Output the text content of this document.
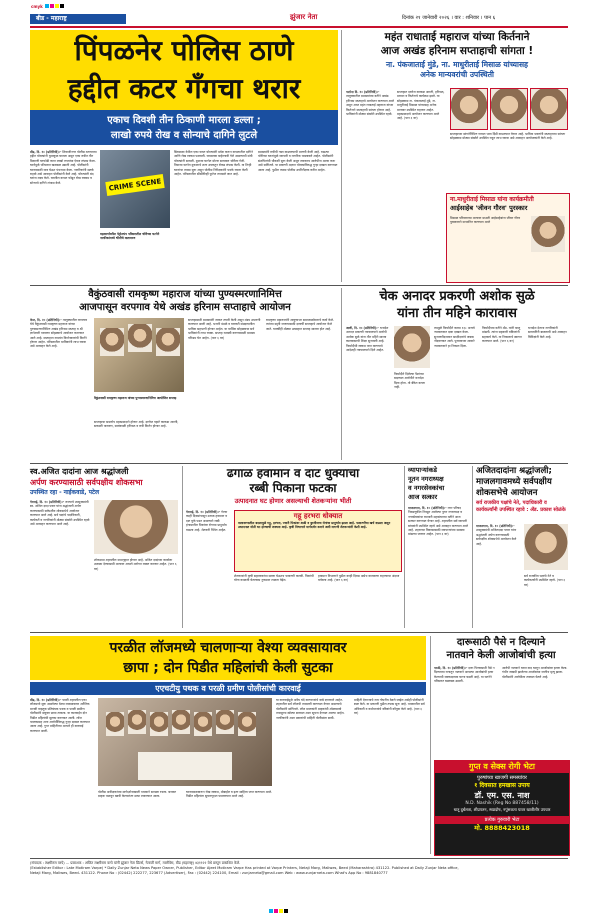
cmyk
बीड - महाराष्ट्र	झुंजार नेता	दिनांक २१ जानेवारी २०२६ । वार : शनिवार । पान ६
पिंपळनेर पोलिस ठाणे
हद्दीत कटर गँगचा थरार
एकाच दिवशी तीन ठिकाणी मारला डल्ला ;
लाखो रुपये रोख व सोन्याचे दागिने लुटले

बीड, दि. १० (प्रतिनिधी):- शिवाजीनगर पोलीस ठाण्याच्या हद्दीत चोरट्यांनी धुमाकूळ घातला असून एका रात्रीत तीन ठिकाणी घरफोडी करत लाखो रुपयांचा ऐवज लंपास केला. घटनेमुळे परिसरात खळबळ उडाली आहे. पोलीसांनी घटनास्थळी धाव घेऊन पंचनामा केला. नागरिकांनी सतर्क राहावे असे आवाहन पोलीसांनी केले आहे. चोरट्यांनी बंद घरांना लक्ष्य केले. घरातील कपाट फोडून रोख रक्कम व सोन्याचे दागिने लंपास केले.	CRIME SCENE
महामार्गावरील पेट्रोलपंप परिसरातील चोरीच्या घटनेने नागरिकांमध्ये भीतीचे वातावरण

सिरसाळा येथील एका घरात चोरट्यांनी प्रवेश करून कपाटातील दागिने आणि रोख रक्कम पळवली. घरमालक बाहेरगावी गेले असल्याची संधी चोरट्यांनी साधली. दुसऱ्या घटनेत मोटार सायकल चोरीला गेली. तिसऱ्या घटनेत दुकानाचे शटर उचकटून रोकड लंपास केली. या तिन्ही घटनांचा तपास सुरू असून पोलीस निरीक्षकांनी पथके रवाना केली आहेत. परिसरातील सीसीटीव्ही फुटेज तपासले जात आहे.

ग्रामस्थांनी रात्रीची गस्त वाढवण्याची मागणी केली आहे. वाढत्या चोरीच्या घटनांमुळे व्यापारी व नागरिक धास्तावले आहेत. पोलीसांनी संशयितांची चौकशी सुरू केली असून लवकरच आरोपींना अटक करू असे सांगितले. या प्रकरणी अज्ञात चोरट्यांविरुद्ध गुन्हा दाखल करण्यात आला आहे. पुढील तपास पोलीस उपनिरीक्षक करीत आहेत.

महंत राधाताई महाराज यांच्या किर्तनाने
आज अखंड हरिनाम सप्ताहाची सांगता !
ना. पंकजाताई मुंडे, ना. माधुरीताई मिसाळ यांच्यासह
अनेक मान्यवरांची उपस्थिती

पाटोदा दि. १० (प्रतिनिधी):- तालुक्यातील ग्रामस्थांच्या वतीने अखंड हरिनाम सप्ताहाचे आयोजन करण्यात आले असून आज महंत राधाताई महाराज यांच्या किर्तनाने सप्ताहाची सांगता होणार आहे. भाविकांनी मोठ्या संख्येने उपस्थित रहावे.

सप्ताहात दररोज काकडा आरती, हरिपाठ, प्रवचन व किर्तनाचे कार्यक्रम झाले. या सोहळ्यास ना. पंकजाताई मुंडे, ना. माधुरीताई मिसाळ यांच्यासह अनेक मान्यवर उपस्थित राहणार आहेत. महाप्रसादाचे आयोजन करण्यात आले आहे. (पान ६ वर)

सप्ताहाच्या सांगतेनिमित्त गावात भव्य दिंडी काढण्यात येणार आहे. भाविक भक्तांनी सप्ताहाच्या सांगता सोहळ्यास मोठ्या संख्येने उपस्थित राहून लाभ घ्यावा असे आवाहन आयोजकांनी केले आहे.

ना.माधुरीताई मिसाळ यांना कार्यक्रमीती
आईसाहेब 'जीवन गौरव' पुरस्कार
मिसाळ परिवाराच्या मान्यवर माउली आईसाहेबांना जीवन गौरव पुरस्काराने सन्मानित करण्यात आले
वैकुंठवासी रामकृष्ण महाराज यांच्या पुण्यस्मरणानिमित्त
आजपासून वरपगाव येथे अखंड हरिनाम सप्ताहाचे आयोजन

केज, दि. १० (प्रतिनिधी):- तालुक्यातील वरपगाव येथे वैकुंठवासी रामकृष्ण महाराज यांच्या पुण्यस्मरणानिमित्त अखंड हरिनाम सप्ताह व श्री ज्ञानेश्वरी पारायण सोहळ्याचे आयोजन करण्यात आले आहे. सप्ताहात नामवंत किर्तनकारांची किर्तने होणार आहेत. परिसरातील भाविकांनी लाभ घ्यावा असे आवाहन केले आहे.

वैकुंठवासी रामकृष्ण महाराज यांच्या पुण्यस्मरणानिमित्त आयोजित सप्ताह

सप्ताहाचा समारोप महाप्रसादाने होणार आहे. दररोज पहाटे काकडा आरती, सकाळी पारायण, सायंकाळी हरिपाठ व रात्री किर्तन होणार आहे.

सप्ताहासाठी ग्रामस्थांनी जय्यत तयारी केली असून मंडप उभारणी करण्यात आली आहे. भजनी मंडळे व वारकरी संप्रदायातील भाविक सहभागी होणार आहेत. या धार्मिक सोहळ्याचा सर्व भाविकांनी लाभ घ्यावा. सप्ताह यशस्वी करण्यासाठी ग्रामस्थ परिश्रम घेत आहेत. (पान ६ वर)

रामकृष्ण महाराजांनी आयुष्यभर समाजप्रबोधनाचे कार्य केले. त्यांच्या स्मृती जपण्यासाठी दरवर्षी सप्ताहाचे आयोजन केले जाते. यावर्षीही मोठ्या उत्साहात सप्ताह साजरा होत आहे.

चेक अनादर प्रकरणी अशोक सुळे
यांना तीन महिने कारावास

आष्टी, दि. १० (प्रतिनिधी):- धनादेश अनादर प्रकरणी न्यायालयाने आरोपी अशोक सुळे यांना तीन महिने साध्या कारावासाची शिक्षा सुनावली आहे. फिर्यादीची रक्कम परत करण्याचे आदेशही न्यायालयाने दिले आहेत.

फिर्यादीने दिलेल्या पैशांच्या बदल्यात आरोपीने धनादेश दिला होता. तो बँकेत वटला नाही.

त्यामुळे फिर्यादीने कलम १३८ अन्वये न्यायालयात दावा दाखल केला. सुनावणीदरम्यान साक्षीदारांचे जबाब नोंदवण्यात आले. पुराव्याच्या आधारे न्यायालयाने हा निकाल दिला.

फिर्यादीच्या वतीने ॲड. यांनी बाजू मांडली. त्यांना सहकारी वकिलांनी सहकार्य केले. या निकालाचे स्वागत करण्यात आले. (पान ६ वर)

धनादेश देताना नागरिकांनी सावधगिरी बाळगावी असे आवाहन विधिज्ञांनी केले आहे.

स्व.अजित दादांना आज श्रद्धांजली
अर्पण करण्यासाठी सर्वपक्षीय शोकसभा
उपस्थित रहा - नाईकवाडे, पटेल

गेवराई, दि. १० (प्रतिनिधी):- राज्याचे उपमुख्यमंत्री स्व. अजित दादा पवार यांना श्रद्धांजली अर्पण करण्यासाठी सर्वपक्षीय शोकसभेचे आयोजन करण्यात आले आहे. सर्व पक्षांचे पदाधिकारी, कार्यकर्ते व नागरिकांनी मोठ्या संख्येने उपस्थित रहावे असे आवाहन करण्यात आले आहे.

शोकसभा शहरातील सभागृहात होणार आहे. अजित दादांच्या कार्याला उजाळा देण्यासाठी मान्यवर आपले मनोगत व्यक्त करणार आहेत. (पान ६ वर)

ढगाळ हवामान व दाट धुक्याचा
रब्बी पिकाना फटका
उत्पादनात घट होणार असल्याची शेतकऱ्यांना भीती

गेवराई, दि. १० (प्रतिनिधी):- गेल्या काही दिवसांपासून ढगाळ हवामान व दाट धुके पडत असल्याने रब्बी हंगामातील पिकांवर रोगाचा प्रादुर्भाव वाढला आहे. शेतकरी चिंतेत आहेत.

गहू हरभरा धोक्यात
वातावरणातील बदलामुळे गहू, हरभरा, ज्वारी पिकांवर अळी व बुरशीजन्य रोगांचा प्रादुर्भाव झाला आहे. फवारणीचा खर्च वाढला असून उत्पादनात मोठी घट होण्याची शक्यता आहे. कृषी विभागाने मार्गदर्शन करावे अशी मागणी शेतकऱ्यांनी केली आहे.

शेतकऱ्यांनी कृषी सहाय्यकांचा सल्ला घेऊनच फवारणी करावी. पिकांची योग्य काळजी घेतल्यास नुकसान टाळता येईल.

हवामान विभागाने पुढील काही दिवस असेच वातावरण राहण्याचा अंदाज वर्तवला आहे. (पान ६ वर)

व्यापाऱ्यांकडे
नूतन नगराध्यक्ष
व नगरसेवकांचा
आज सत्कार

माजलगाव, दि. १० (प्रतिनिधी):- नगर परिषद निवडणुकीत निवडून आलेल्या नूतन नगराध्यक्ष व नगरसेवकांचा व्यापारी महासंघाच्या वतीने आज सत्कार करण्यात येणार आहे. शहरातील सर्व व्यापारी बांधवांनी उपस्थित रहावे असे आवाहन करण्यात आले आहे. शहराच्या विकासासाठी व्यापाऱ्यांच्या समस्या मांडल्या जाणार आहेत. (पान ६ वर)

अजितदादांना श्रद्धांजली;
माजलगावमध्ये सर्वपक्षीय
शोकसभेचे आयोजन
सर्व राजकीय पक्षांचे नेते, पदाधिकारी व कार्यकर्त्यांनी उपस्थित रहावे : ॲड. प्रकाश सोळंके

माजलगाव, दि. १० (प्रतिनिधी):- उपमुख्यमंत्री अजितदादा पवार यांना श्रद्धांजली अर्पण करण्यासाठी सर्वपक्षीय शोकसभेचे आयोजन केले आहे.

सर्व राजकीय पक्षांचे नेते व कार्यकर्त्यांनी उपस्थित रहावे. (पान ६ वर)

परळीत लॉजमध्ये चालणाऱ्या वेश्या व्यवसायावर
छापा ; दोन पिडीत महिलांची केली सुटका
एएचटीयु पथक व परळी ग्रमीण पोलीसांची कारवाई

बीड, दि. १० (प्रतिनिधी):- परळी शहरातील एका लॉजमध्ये सुरू असलेल्या वेश्या व्यवसायावर अनैतिक मानवी वाहतूक प्रतिबंधक पथक व परळी ग्रामीण पोलीसांनी संयुक्त छापा टाकला. या कारवाईत दोन पिडीत महिलांची सुटका करण्यात आली. लॉज चालकासह अन्य आरोपींविरुद्ध गुन्हा दाखल करण्यात आला आहे. गुप्त माहितीच्या आधारे ही कारवाई करण्यात आली.

पोलीस अधीक्षकांच्या मार्गदर्शनाखाली पथकाने सापळा रचला. बनावट ग्राहक पाठवून खात्री केल्यानंतर छापा टाकण्यात आला.

घटनास्थळावरून रोख रक्कम, मोबाईल व इतर साहित्य जप्त करण्यात आले. पिडीत महिलांना सुधारगृहात पाठवण्यात आले आहे.

या कारवाईमुळे अवैध धंदे करणाऱ्यांचे धाबे दणाणले आहेत. शहरातील सर्व लॉजची तपासणी करण्यात येणार असल्याचे पोलीसांनी सांगितले. लॉज मालकांनी ग्राहकांची ओळखपत्रे तपासूनच खोल्या द्याव्यात अशा सूचना देण्यात आल्या आहेत. नागरिकांनी अशा प्रकारांची माहिती पोलीसांना द्यावी.

माहिती देणाऱ्याचे नाव गोपनीय ठेवले जाईल असेही पोलीसांनी स्पष्ट केले. या प्रकरणी पुढील तपास सुरू आहे. पथकातील सर्व अधिकारी व कर्मचाऱ्यांचे वरिष्ठांनी कौतुक केले आहे. (पान ६ वर)

दारूसाठी पैसे न दिल्याने
नातवाने केली आजोबांची हत्या

परळी, दि. १० (प्रतिनिधी):- दारू पिण्यासाठी पैसे न दिल्याच्या रागातून नातवाने आपल्या आजोबांची हत्या केल्याची धक्कादायक घटना घडली आहे. या घटनेने परिसरात खळबळ उडाली.

आरोपी नातवाने घरात वाद घालून आजोबांवर हल्ला केला. गंभीर जखमी झालेल्या आजोबांचा जागीच मृत्यू झाला. पोलीसांनी आरोपीला ताब्यात घेतले आहे.

गुप्त व सेक्स रोगी भेटा
पुरुषांच्या खाजगी समस्यांवर
१ दिवसात हमखास उपाय
डॉ. एम. एस. नाश
N.D. Nashik (Reg No 887458/11)
धातू दुर्बलता, शीघ्रपतन, स्वप्नदोष, नपुंसकता यावर खात्रीशीर उपचार
प्रत्येक गुरुवारी भेटा
मो. 8888423018
(संपादक : लक्ष्मीराम वरपे) ... प्रकाशक : अजित लक्ष्मीराम वरपे यांनी झुंजार नेता प्रिंटर्स, नेताजी मार्ग, मालीवेस, बीड (महाराष्ट्र) ४३११२२ येथे छापून प्रकाशित केले.
(Establisher Editor : Late Motiram Varpe) * Daily Zunjar Neta News Paper Owner, Publisher, Editor Ajeet Motiram Varpe Has printed at Varpe Printers, Netaji Marg, Maliwes, Beed (Maharashtra) 431122. Published at Daily Zunjar Neta office,
Netaji Marg, Maliwes, Beed- 431122. Phone No : (02442) 222277, 223677 (Advertiser), Fax : (02442) 224100, Email : zunjarneta@gmail.com Web : www.zunjarneta.com What's App No : 9881840777
